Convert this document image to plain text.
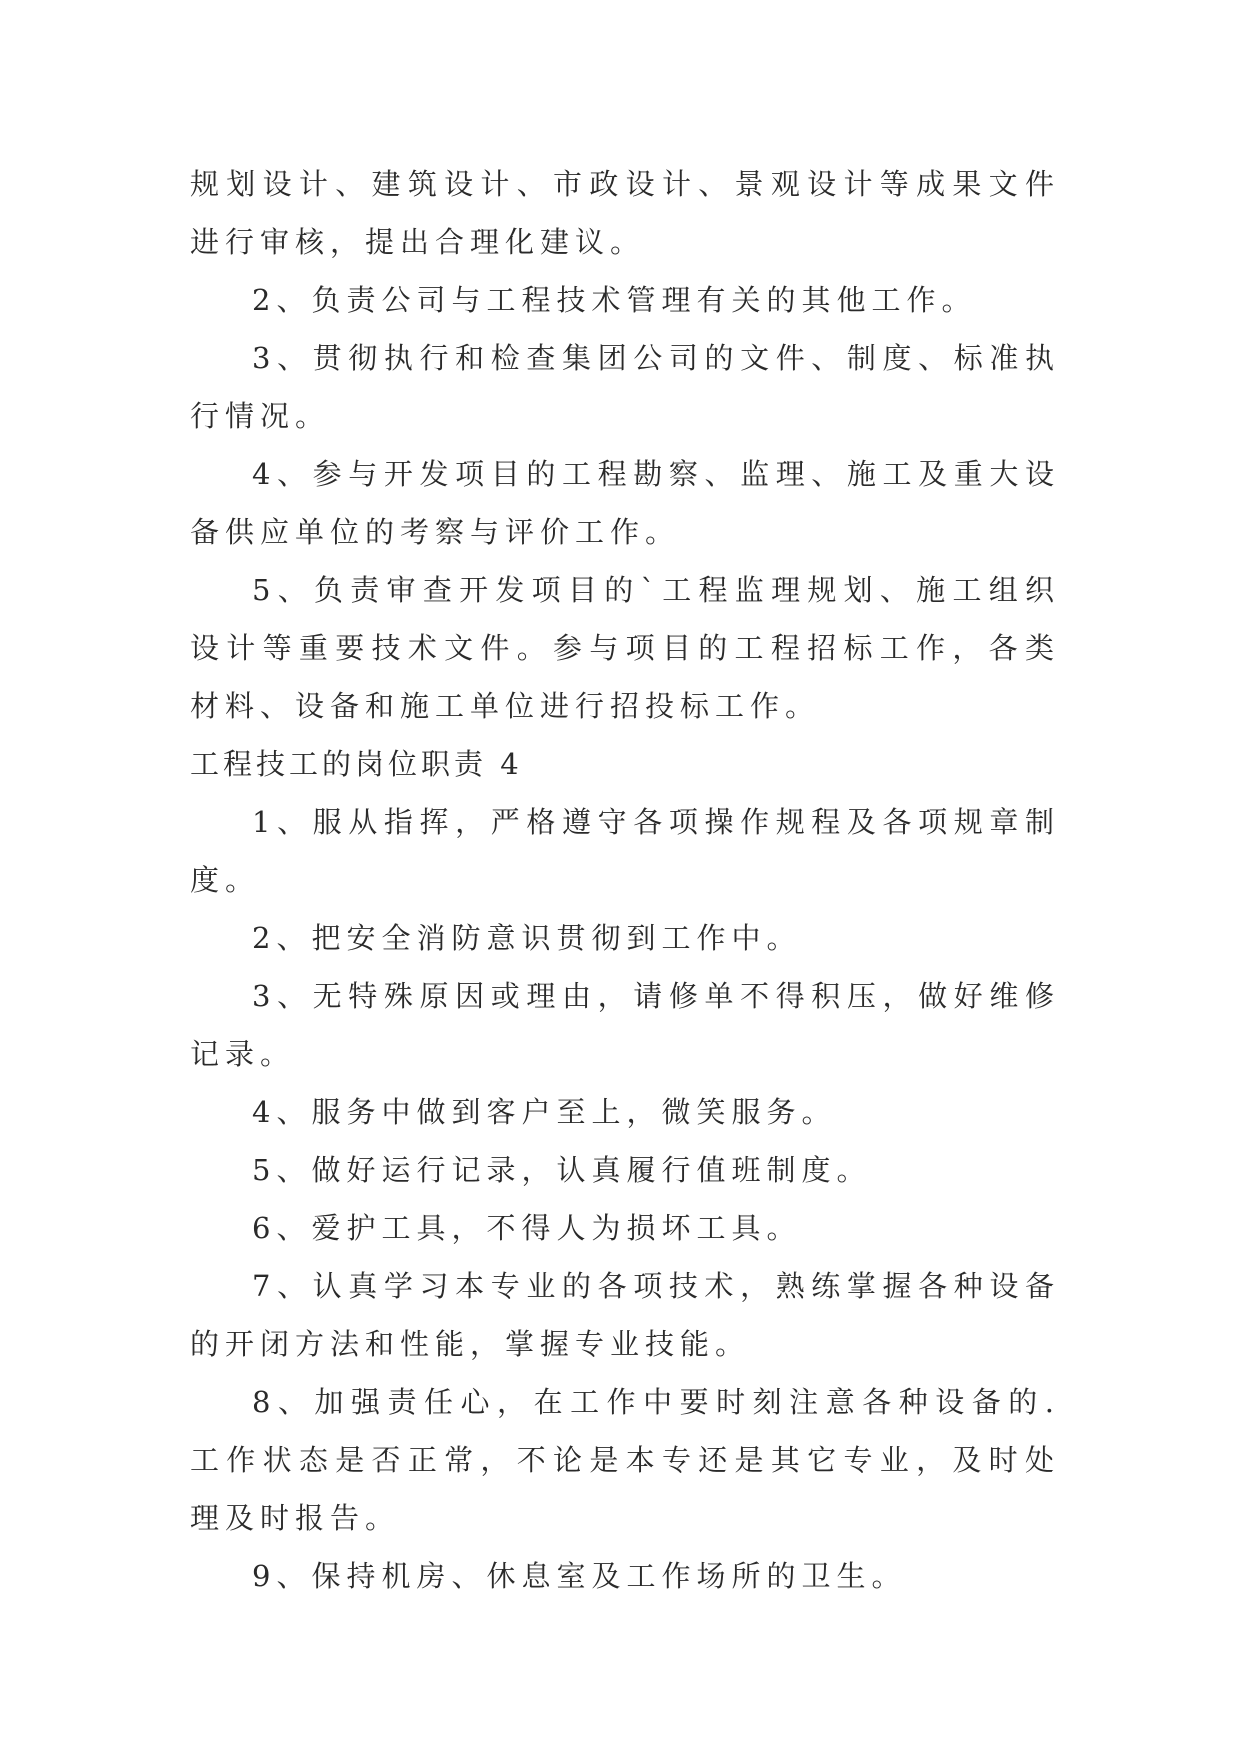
规划设计、建筑设计、市政设计、景观设计等成果文件进行审核，提出合理化建议。

2、负责公司与工程技术管理有关的其他工作。

3、贯彻执行和检查集团公司的文件、制度、标准执行情况。

4、参与开发项目的工程勘察、监理、施工及重大设备供应单位的考察与评价工作。

5、负责审查开发项目的`工程监理规划、施工组织设计等重要技术文件。参与项目的工程招标工作，各类材料、设备和施工单位进行招投标工作。

工程技工的岗位职责 4

1、服从指挥，严格遵守各项操作规程及各项规章制度。

2、把安全消防意识贯彻到工作中。

3、无特殊原因或理由，请修单不得积压，做好维修记录。

4、服务中做到客户至上，微笑服务。

5、做好运行记录，认真履行值班制度。

6、爱护工具，不得人为损坏工具。

7、认真学习本专业的各项技术，熟练掌握各种设备的开闭方法和性能，掌握专业技能。

8、加强责任心，在工作中要时刻注意各种设备的.工作状态是否正常，不论是本专还是其它专业，及时处理及时报告。

9、保持机房、休息室及工作场所的卫生。
